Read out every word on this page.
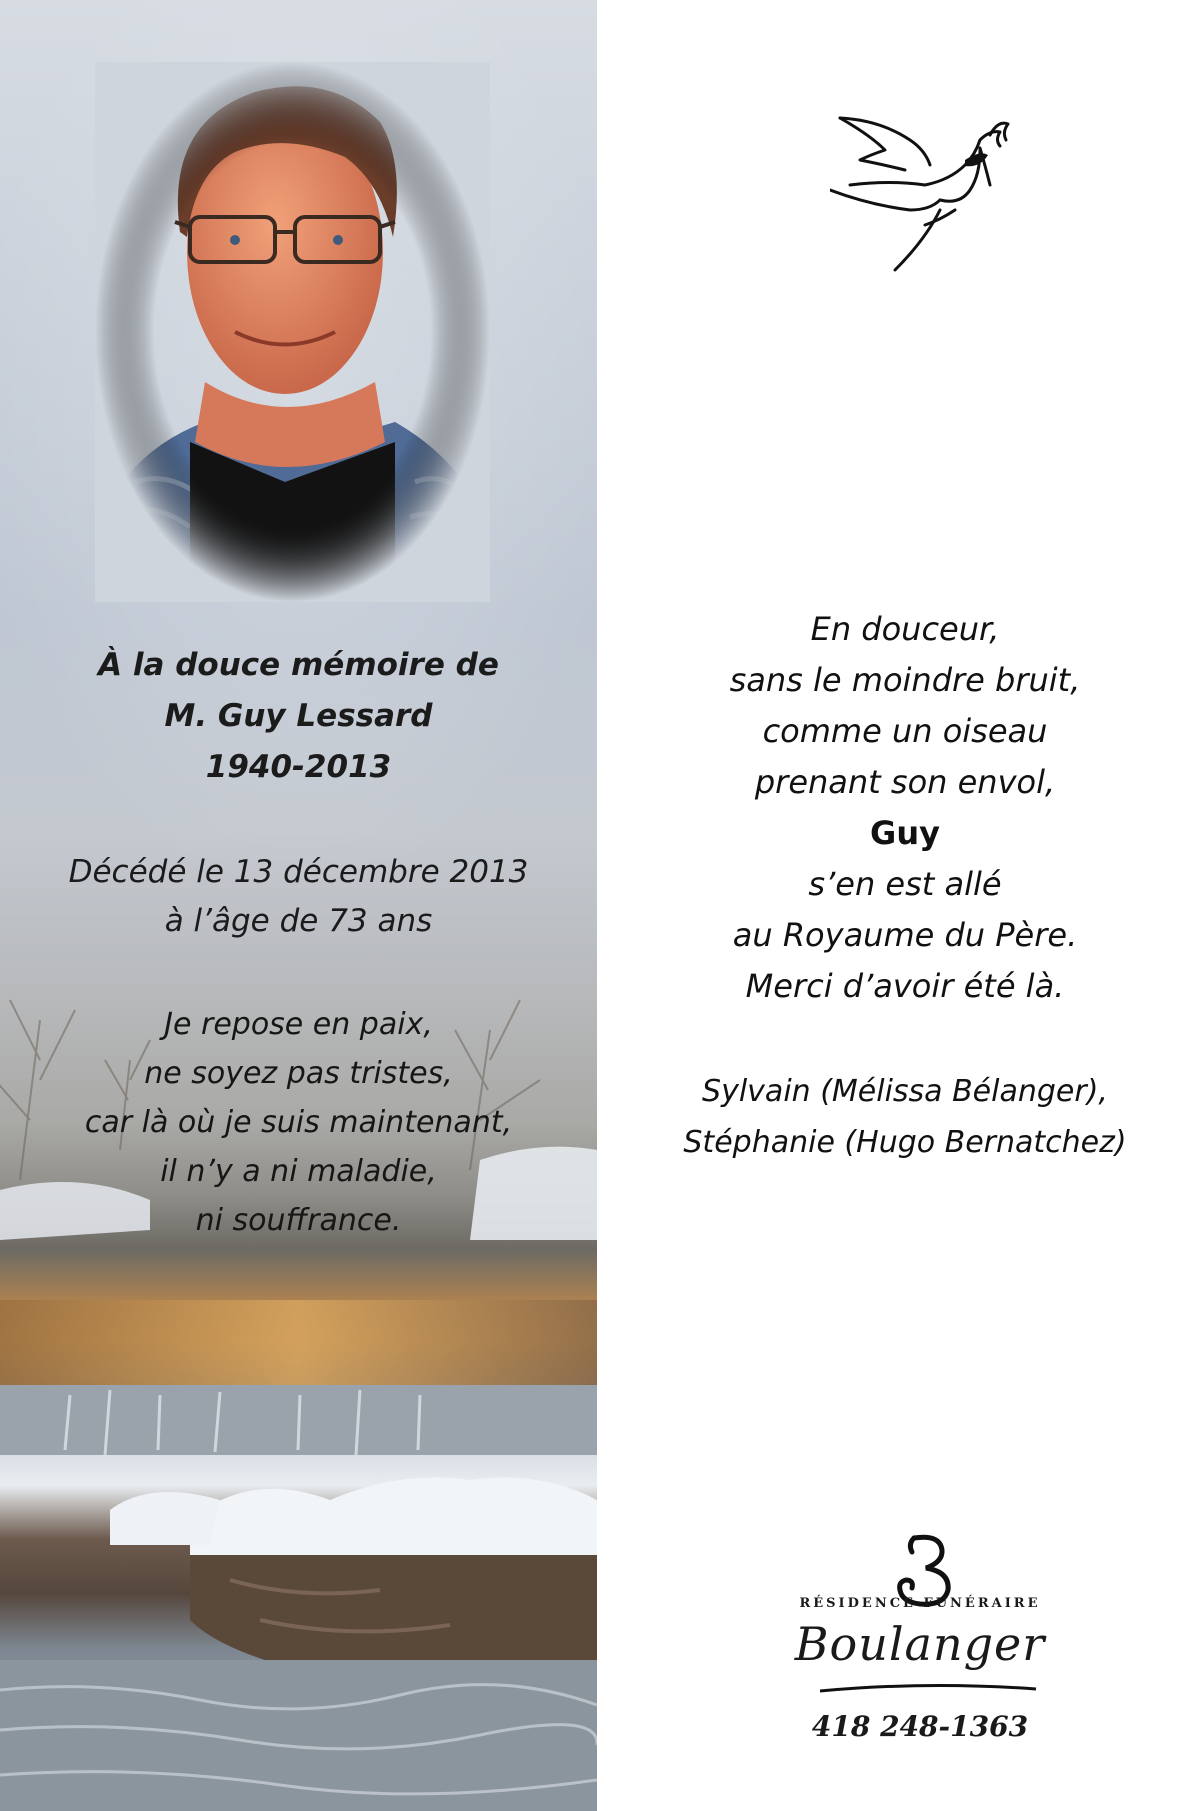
À la douce mémoire de
M. Guy Lessard
1940-2013
Décédé le 13 décembre 2013
à l’âge de 73 ans
Je repose en paix,
ne soyez pas tristes,
car là où je suis maintenant,
il n’y a ni maladie,
ni souffrance.
En douceur,
sans le moindre bruit,
comme un oiseau
prenant son envol,
Guy
s’en est allé
au Royaume du Père.
Merci d’avoir été là.
Sylvain (Mélissa Bélanger),
Stéphanie (Hugo Bernatchez)
RÉSIDENCE FUNÉRAIRE
Boulanger
418 248-1363
